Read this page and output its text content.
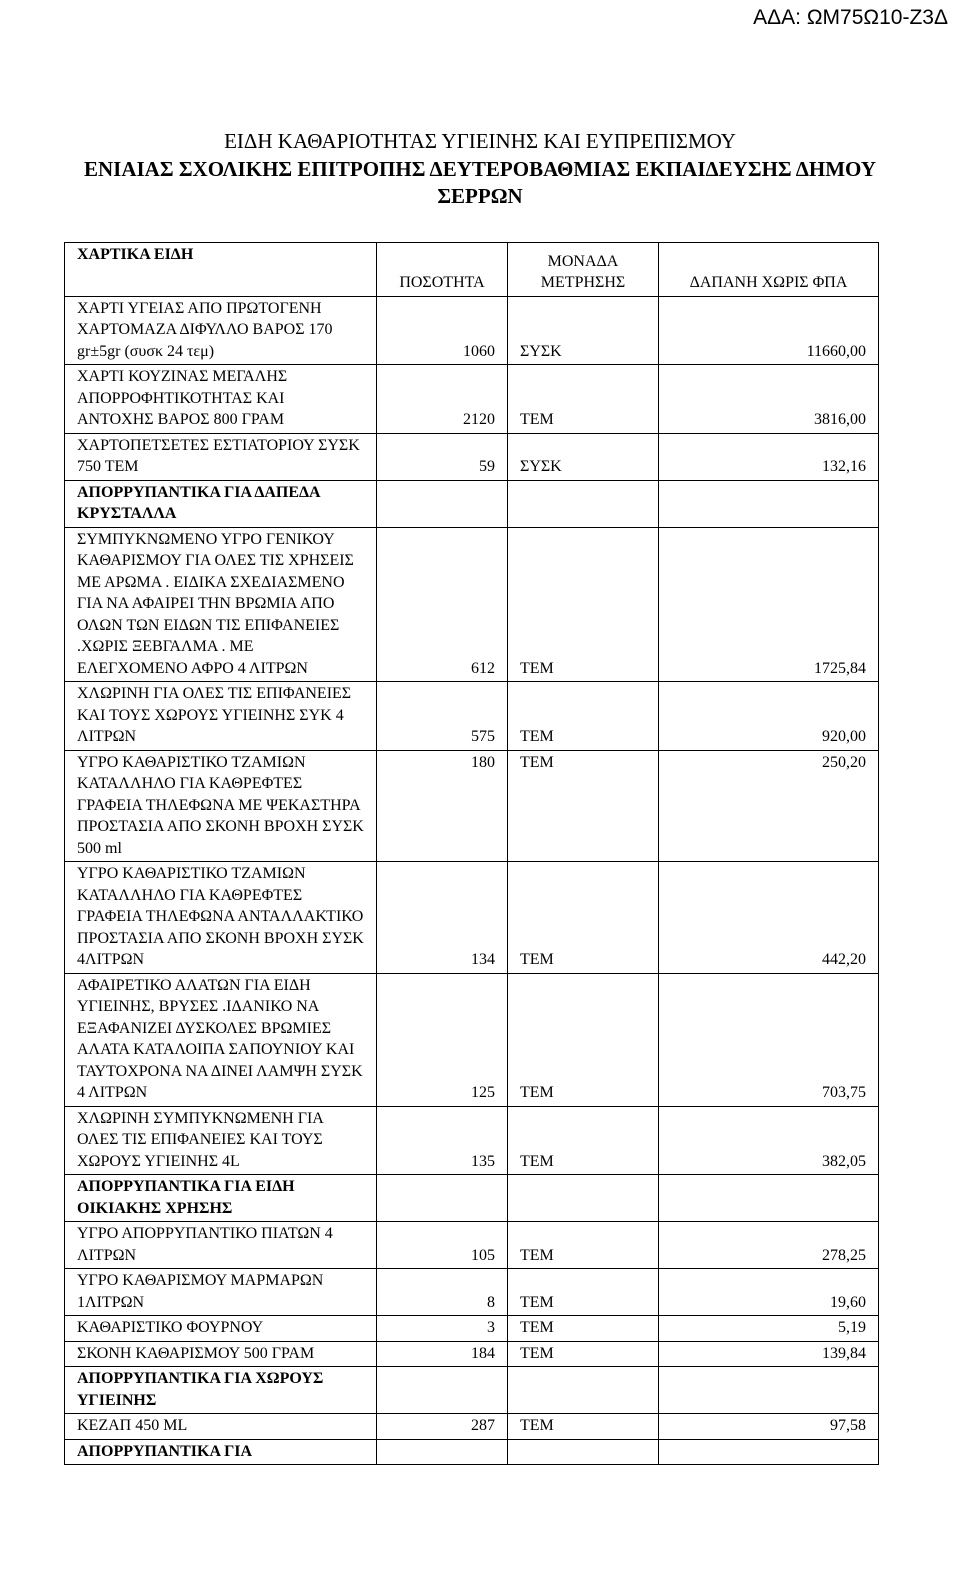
ΑΔΑ: ΩΜ75Ω10-Ζ3Δ
ΕΙΔΗ ΚΑΘΑΡΙΟΤΗΤΑΣ ΥΓΙΕΙΝΗΣ ΚΑΙ ΕΥΠΡΕΠΙΣΜΟΥ
ΕΝΙΑΙΑΣ ΣΧΟΛΙΚΗΣ ΕΠΙΤΡΟΠΗΣ ΔΕΥΤΕΡΟΒΑΘΜΙΑΣ ΕΚΠΑΙΔΕΥΣΗΣ ΔΗΜΟΥ
ΣΕΡΡΩΝ
ΧΑΡΤΙΚΑ ΕΙΔΗ	ΠΟΣΟΤΗΤΑ	ΜΟΝΑΔΑ ΜΕΤΡΗΣΗΣ	ΔΑΠΑΝΗ ΧΩΡΙΣ ΦΠΑ
ΧΑΡΤΙ ΥΓΕΙΑΣ ΑΠΟ ΠΡΩΤΟΓΕΝΗ ΧΑΡΤΟΜΑΖΑ ΔΙΦΥΛΛΟ ΒΑΡΟΣ 170 gr±5gr (συσκ 24 τεμ)	1060	ΣΥΣΚ	11660,00
ΧΑΡΤΙ ΚΟΥΖΙΝΑΣ ΜΕΓΑΛΗΣ ΑΠΟΡΡΟΦΗΤΙΚΟΤΗΤΑΣ ΚΑΙ ΑΝΤΟΧΗΣ ΒΑΡΟΣ 800 ΓΡΑΜ	2120	ΤΕΜ	3816,00
ΧΑΡΤΟΠΕΤΣΕΤΕΣ ΕΣΤΙΑΤΟΡΙΟΥ ΣΥΣΚ 750 ΤΕΜ	59	ΣΥΣΚ	132,16
ΑΠΟΡΡΥΠΑΝΤΙΚΑ ΓΙΑ ΔΑΠΕΔΑ ΚΡΥΣΤΑΛΛΑ			
ΣΥΜΠΥΚΝΩΜΕΝΟ ΥΓΡΟ ΓΕΝΙΚΟΥ ΚΑΘΑΡΙΣΜΟΥ ΓΙΑ ΟΛΕΣ ΤΙΣ ΧΡΗΣΕΙΣ ΜΕ ΑΡΩΜΑ . ΕΙΔΙΚΑ ΣΧΕΔΙΑΣΜΕΝΟ ΓΙΑ ΝΑ ΑΦΑΙΡΕΙ ΤΗΝ ΒΡΩΜΙΑ ΑΠΟ ΟΛΩΝ ΤΩΝ ΕΙΔΩΝ ΤΙΣ ΕΠΙΦΑΝΕΙΕΣ .ΧΩΡΙΣ ΞΕΒΓΑΛΜΑ . ΜΕ ΕΛΕΓΧΟΜΕΝΟ ΑΦΡΟ 4 ΛΙΤΡΩΝ	612	ΤΕΜ	1725,84
ΧΛΩΡΙΝΗ ΓΙΑ ΟΛΕΣ ΤΙΣ ΕΠΙΦΑΝΕΙΕΣ ΚΑΙ ΤΟΥΣ ΧΩΡΟΥΣ ΥΓΙΕΙΝΗΣ ΣΥΚ 4 ΛΙΤΡΩΝ	575	ΤΕΜ	920,00
ΥΓΡΟ ΚΑΘΑΡΙΣΤΙΚΟ ΤΖΑΜΙΩΝ ΚΑΤΑΛΛΗΛΟ ΓΙΑ ΚΑΘΡΕΦΤΕΣ ΓΡΑΦΕΙΑ ΤΗΛΕΦΩΝΑ ΜΕ ΨΕΚΑΣΤΗΡΑ ΠΡΟΣΤΑΣΙΑ ΑΠΟ ΣΚΟΝΗ ΒΡΟΧΗ ΣΥΣΚ 500 ml	180	ΤΕΜ	250,20
ΥΓΡΟ ΚΑΘΑΡΙΣΤΙΚΟ ΤΖΑΜΙΩΝ ΚΑΤΑΛΛΗΛΟ ΓΙΑ ΚΑΘΡΕΦΤΕΣ ΓΡΑΦΕΙΑ ΤΗΛΕΦΩΝΑ ΑΝΤΑΛΛΑΚΤΙΚΟ ΠΡΟΣΤΑΣΙΑ ΑΠΟ ΣΚΟΝΗ ΒΡΟΧΗ ΣΥΣΚ 4ΛΙΤΡΩΝ	134	ΤΕΜ	442,20
ΑΦΑΙΡΕΤΙΚΟ ΑΛΑΤΩΝ ΓΙΑ ΕΙΔΗ ΥΓΙΕΙΝΗΣ, ΒΡΥΣΕΣ .ΙΔΑΝΙΚΟ ΝΑ ΕΞΑΦΑΝΙΖΕΙ ΔΥΣΚΟΛΕΣ ΒΡΩΜΙΕΣ ΑΛΑΤΑ ΚΑΤΑΛΟΙΠΑ ΣΑΠΟΥΝΙΟΥ ΚΑΙ ΤΑΥΤΟΧΡΟΝΑ ΝΑ ΔΙΝΕΙ ΛΑΜΨΗ ΣΥΣΚ 4 ΛΙΤΡΩΝ	125	ΤΕΜ	703,75
ΧΛΩΡΙΝΗ ΣΥΜΠΥΚΝΩΜΕΝΗ ΓΙΑ ΟΛΕΣ ΤΙΣ ΕΠΙΦΑΝΕΙΕΣ ΚΑΙ ΤΟΥΣ ΧΩΡΟΥΣ ΥΓΙΕΙΝΗΣ 4L	135	ΤΕΜ	382,05
ΑΠΟΡΡΥΠΑΝΤΙΚΑ ΓΙΑ ΕΙΔΗ ΟΙΚΙΑΚΗΣ ΧΡΗΣΗΣ			
ΥΓΡΟ ΑΠΟΡΡΥΠΑΝΤΙΚΟ ΠΙΑΤΩΝ 4 ΛΙΤΡΩΝ	105	ΤΕΜ	278,25
ΥΓΡΟ ΚΑΘΑΡΙΣΜΟΥ ΜΑΡΜΑΡΩΝ 1ΛΙΤΡΩΝ	8	ΤΕΜ	19,60
ΚΑΘΑΡΙΣΤΙΚΟ ΦΟΥΡΝΟΥ	3	ΤΕΜ	5,19
ΣΚΟΝΗ ΚΑΘΑΡΙΣΜΟΥ 500 ΓΡΑΜ	184	ΤΕΜ	139,84
ΑΠΟΡΡΥΠΑΝΤΙΚΑ ΓΙΑ ΧΩΡΟΥΣ ΥΓΙΕΙΝΗΣ			
ΚΕΖΑΠ 450 ML	287	ΤΕΜ	97,58
ΑΠΟΡΡΥΠΑΝΤΙΚΑ ΓΙΑ			
